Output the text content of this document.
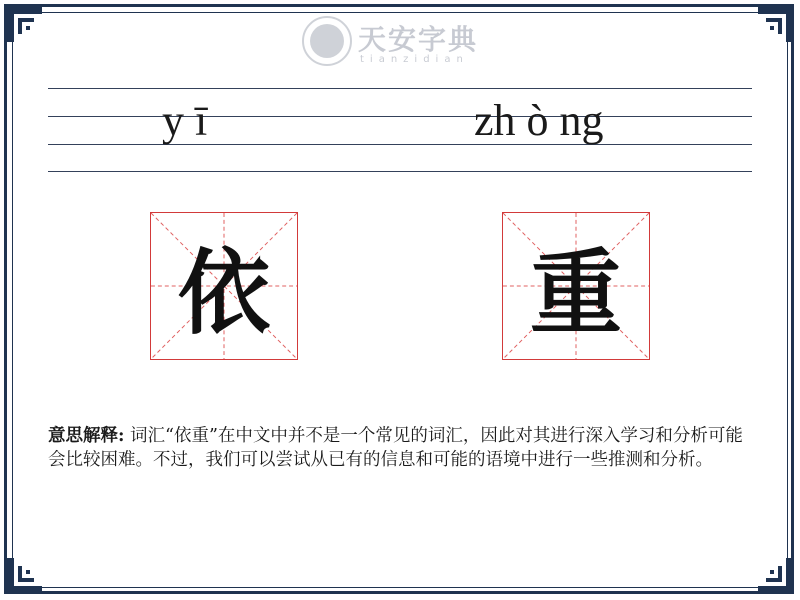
天安字典
tianzidian
y ī	zh ò ng
依	重
意思解释: 词汇“依重”在中文中并不是一个常见的词汇，因此对其进行深入学习和分析可能会比较困难。不过，我们可以尝试从已有的信息和可能的语境中进行一些推测和分析。
